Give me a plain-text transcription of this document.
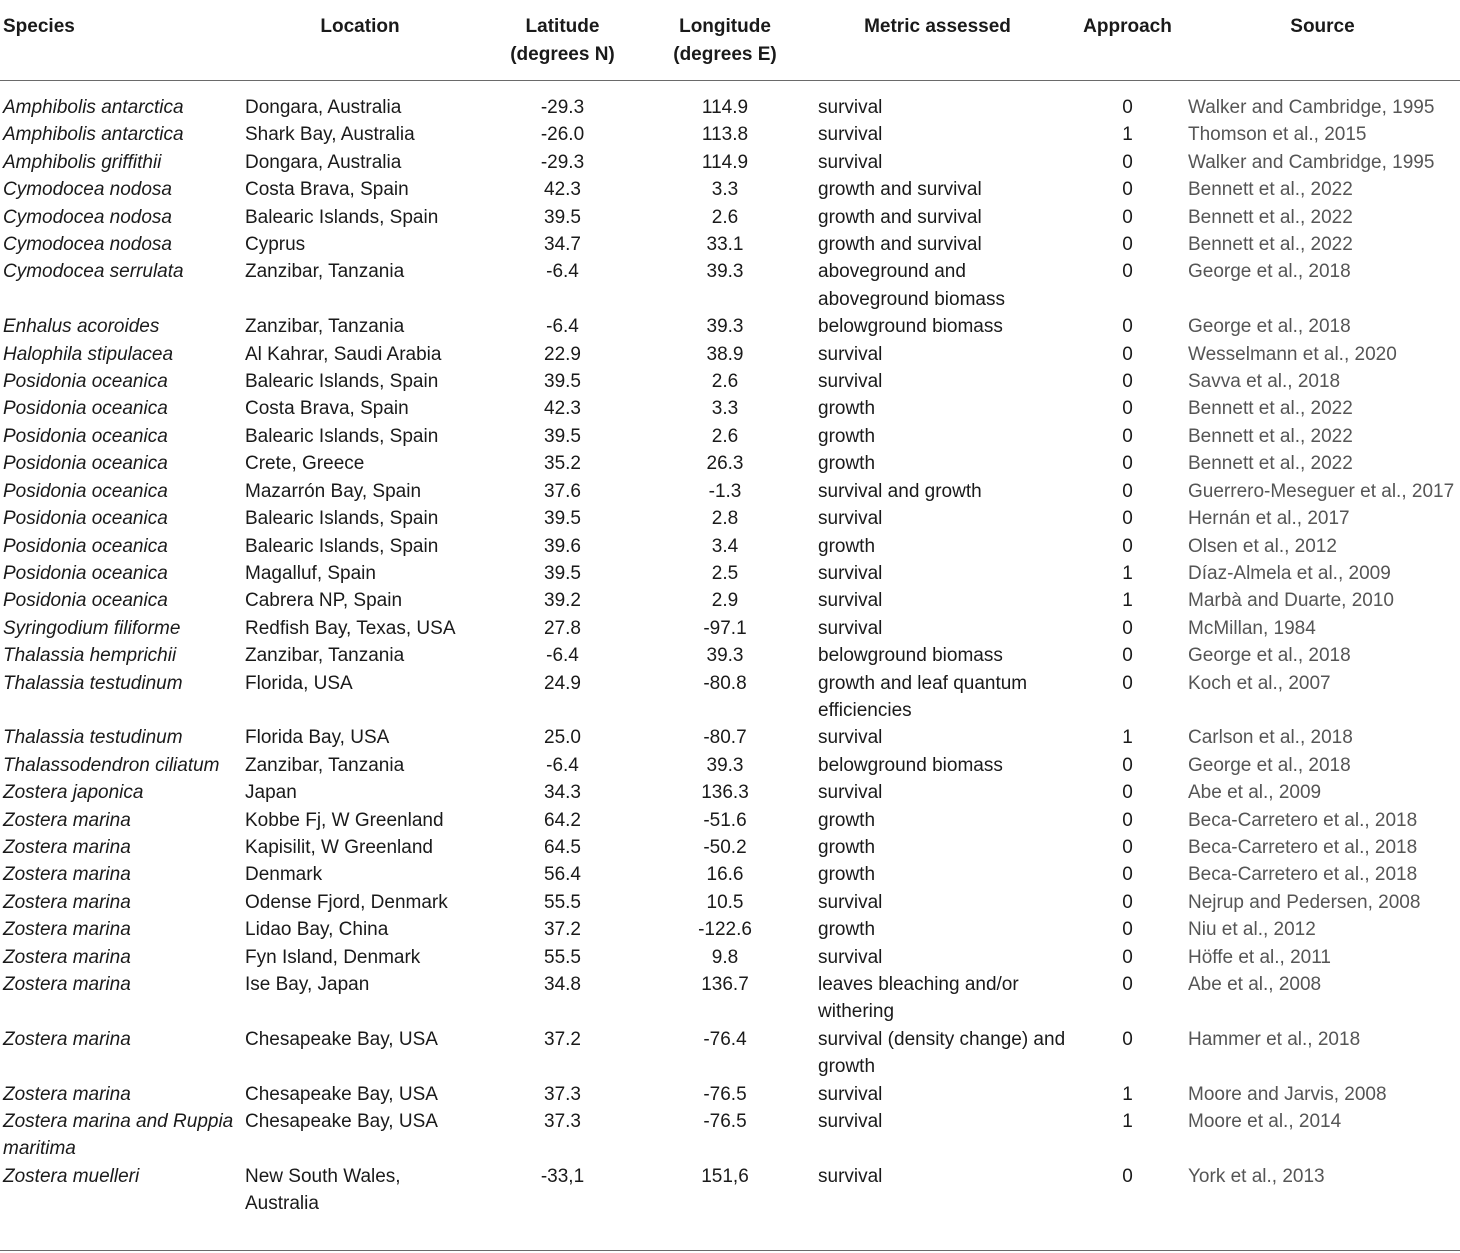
Species	Location	Latitude (degrees N)	Longitude (degrees E)	Metric assessed	Approach	Source
Amphibolis antarctica	Dongara, Australia	-29.3	114.9	survival	0	Walker and Cambridge, 1995
Amphibolis antarctica	Shark Bay, Australia	-26.0	113.8	survival	1	Thomson et al., 2015
Amphibolis griffithii	Dongara, Australia	-29.3	114.9	survival	0	Walker and Cambridge, 1995
Cymodocea nodosa	Costa Brava, Spain	42.3	3.3	growth and survival	0	Bennett et al., 2022
Cymodocea nodosa	Balearic Islands, Spain	39.5	2.6	growth and survival	0	Bennett et al., 2022
Cymodocea nodosa	Cyprus	34.7	33.1	growth and survival	0	Bennett et al., 2022
Cymodocea serrulata	Zanzibar, Tanzania	-6.4	39.3	aboveground and aboveground biomass	0	George et al., 2018
Enhalus acoroides	Zanzibar, Tanzania	-6.4	39.3	belowground biomass	0	George et al., 2018
Halophila stipulacea	Al Kahrar, Saudi Arabia	22.9	38.9	survival	0	Wesselmann et al., 2020
Posidonia oceanica	Balearic Islands, Spain	39.5	2.6	survival	0	Savva et al., 2018
Posidonia oceanica	Costa Brava, Spain	42.3	3.3	growth	0	Bennett et al., 2022
Posidonia oceanica	Balearic Islands, Spain	39.5	2.6	growth	0	Bennett et al., 2022
Posidonia oceanica	Crete, Greece	35.2	26.3	growth	0	Bennett et al., 2022
Posidonia oceanica	Mazarrón Bay, Spain	37.6	-1.3	survival and growth	0	Guerrero-Meseguer et al., 2017
Posidonia oceanica	Balearic Islands, Spain	39.5	2.8	survival	0	Hernán et al., 2017
Posidonia oceanica	Balearic Islands, Spain	39.6	3.4	growth	0	Olsen et al., 2012
Posidonia oceanica	Magalluf, Spain	39.5	2.5	survival	1	Díaz-Almela et al., 2009
Posidonia oceanica	Cabrera NP, Spain	39.2	2.9	survival	1	Marbà and Duarte, 2010
Syringodium filiforme	Redfish Bay, Texas, USA	27.8	-97.1	survival	0	McMillan, 1984
Thalassia hemprichii	Zanzibar, Tanzania	-6.4	39.3	belowground biomass	0	George et al., 2018
Thalassia testudinum	Florida, USA	24.9	-80.8	growth and leaf quantum efficiencies	0	Koch et al., 2007
Thalassia testudinum	Florida Bay, USA	25.0	-80.7	survival	1	Carlson et al., 2018
Thalassodendron ciliatum	Zanzibar, Tanzania	-6.4	39.3	belowground biomass	0	George et al., 2018
Zostera japonica	Japan	34.3	136.3	survival	0	Abe et al., 2009
Zostera marina	Kobbe Fj, W Greenland	64.2	-51.6	growth	0	Beca-Carretero et al., 2018
Zostera marina	Kapisilit, W Greenland	64.5	-50.2	growth	0	Beca-Carretero et al., 2018
Zostera marina	Denmark	56.4	16.6	growth	0	Beca-Carretero et al., 2018
Zostera marina	Odense Fjord, Denmark	55.5	10.5	survival	0	Nejrup and Pedersen, 2008
Zostera marina	Lidao Bay, China	37.2	-122.6	growth	0	Niu et al., 2012
Zostera marina	Fyn Island, Denmark	55.5	9.8	survival	0	Höffe et al., 2011
Zostera marina	Ise Bay, Japan	34.8	136.7	leaves bleaching and/or withering	0	Abe et al., 2008
Zostera marina	Chesapeake Bay, USA	37.2	-76.4	survival (density change) and growth	0	Hammer et al., 2018
Zostera marina	Chesapeake Bay, USA	37.3	-76.5	survival	1	Moore and Jarvis, 2008
Zostera marina and Ruppia maritima	Chesapeake Bay, USA	37.3	-76.5	survival	1	Moore et al., 2014
Zostera muelleri	New South Wales, Australia	-33,1	151,6	survival	0	York et al., 2013
